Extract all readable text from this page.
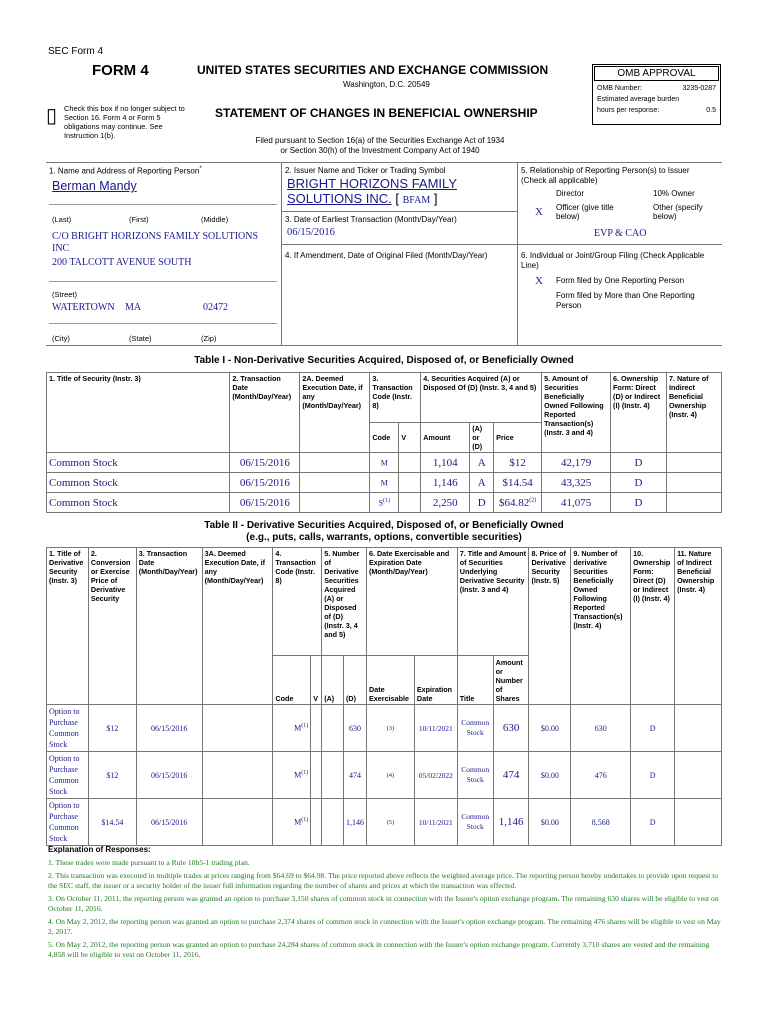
SEC Form 4
FORM 4	UNITED STATES SECURITIES AND EXCHANGE COMMISSION
Washington, D.C. 20549
▯ Check this box if no longer subject to Section 16. Form 4 or Form 5 obligations may continue. See Instruction 1(b).
STATEMENT OF CHANGES IN BENEFICIAL OWNERSHIP
Filed pursuant to Section 16(a) of the Securities Exchange Act of 1934
or Section 30(h) of the Investment Company Act of 1940
OMB APPROVAL
OMB Number:	3235-0287
Estimated average burden
hours per response:	0.5
1. Name and Address of Reporting Person*
Berman Mandy
(Last)	(First)	(Middle)
C/O BRIGHT HORIZONS FAMILY SOLUTIONS
INC
200 TALCOTT AVENUE SOUTH
(Street)
WATERTOWN MA	02472
(City)	(State)	(Zip)
2. Issuer Name and Ticker or Trading Symbol
BRIGHT HORIZONS FAMILY
SOLUTIONS INC. [ BFAM ]
3. Date of Earliest Transaction (Month/Day/Year)
06/15/2016
4. If Amendment, Date of Original Filed (Month/Day/Year)
5. Relationship of Reporting Person(s) to Issuer (Check all applicable)
Director	10% Owner
X Officer (give title below)
Other (specify below)
EVP & CAO
6. Individual or Joint/Group Filing (Check Applicable Line)
X Form filed by One Reporting Person
Form filed by More than One Reporting Person
Table I - Non-Derivative Securities Acquired, Disposed of, or Beneficially Owned
1. Title of Security (Instr. 3)	2. Transaction Date (Month/Day/Year)	2A. Deemed Execution Date, if any (Month/Day/Year)	3. Transaction Code (Instr. 8)		4. Securities Acquired (A) or Disposed Of (D) (Instr. 3, 4 and 5)			5. Amount of Securities Beneficially Owned Following Reported Transaction(s) (Instr. 3 and 4)	6. Ownership Form: Direct (D) or Indirect (I) (Instr. 4)	7. Nature of Indirect Beneficial Ownership (Instr. 4)
			Code	V	Amount	(A) or (D)	Price			
Common Stock	06/15/2016		M		1,104	A	$12	42,179	D	
Common Stock	06/15/2016		M		1,146	A	$14.54	43,325	D	
Common Stock	06/15/2016		$S^{(1)}$		2,250	D	$64.82$^{(2)}$	41,075	D	
Table II - Derivative Securities Acquired, Disposed of, or Beneficially Owned
(e.g., puts, calls, warrants, options, convertible securities)
1. Title of Derivative Security (Instr. 3)	2. Conversion or Exercise Price of Derivative Security	3. Transaction Date (Month/Day/Year)	3A. Deemed Execution Date, if any (Month/Day/Year)	4. Transaction Code (Instr. 8)		5. Number of Derivative Securities Acquired (A) or Disposed of (D) (Instr. 3, 4 and 5)		6. Date Exercisable and Expiration Date (Month/Day/Year)		7. Title and Amount of Securities Underlying Derivative Security (Instr. 3 and 4)		8. Price of Derivative Security (Instr. 5)	9. Number of derivative Securities Beneficially Owned Following Reported Transaction(s) (Instr. 4)	10. Ownership Form: Direct (D) or Indirect (I) (Instr. 4)	11. Nature of Indirect Beneficial Ownership (Instr. 4)
				Code	V	(A)	(D)	Date Exercisable	Expiration Date	Title	Amount or Number of Shares				
Option to Purchase Common Stock	$12	06/15/2016		$M^{(1)}$			630	(3)	10/11/2021	Common Stock	630	$0.00	630	D	
Option to Purchase Common Stock	$12	06/15/2016		$M^{(1)}$			474	(4)	05/02/2022	Common Stock	474	$0.00	476	D	
Option to Purchase Common Stock	$14.54	06/15/2016		$M^{(1)}$			1,146	(5)	10/11/2021	Common Stock	1,146	$0.00	8,568	D	
Explanation of Responses:
1. These trades were made pursuant to a Rule 10b5-1 trading plan.
2. This transaction was executed in multiple trades at prices ranging from $64.69 to $64.98. The price reported above reflects the weighted average price. The reporting person hereby undertakes to provide upon request to the SEC staff, the issuer or a security holder of the issuer full information regarding the number of shares and prices at which the transaction was effected.
3. On October 11, 2011, the reporting person was granted an option to purchase 3,150 shares of common stock in connection with the Issuer's option exchange program. The remaining 630 shares will be eligible to vest on October 11, 2016.
4. On May 2, 2012, the reporting person was granted an option to purchase 2,374 shares of common stock in connection with the Issuer's option exchange program. The remaining 476 shares will be eligible to vest on May 2, 2017.
5. On May 2, 2012, the reporting person was granted an option to purchase 24,284 shares of common stock in connection with the Issuer's option exchange program. Currently 3,710 shares are vested and the remaining 4,858 will be eligible to vest on October 11, 2016.
